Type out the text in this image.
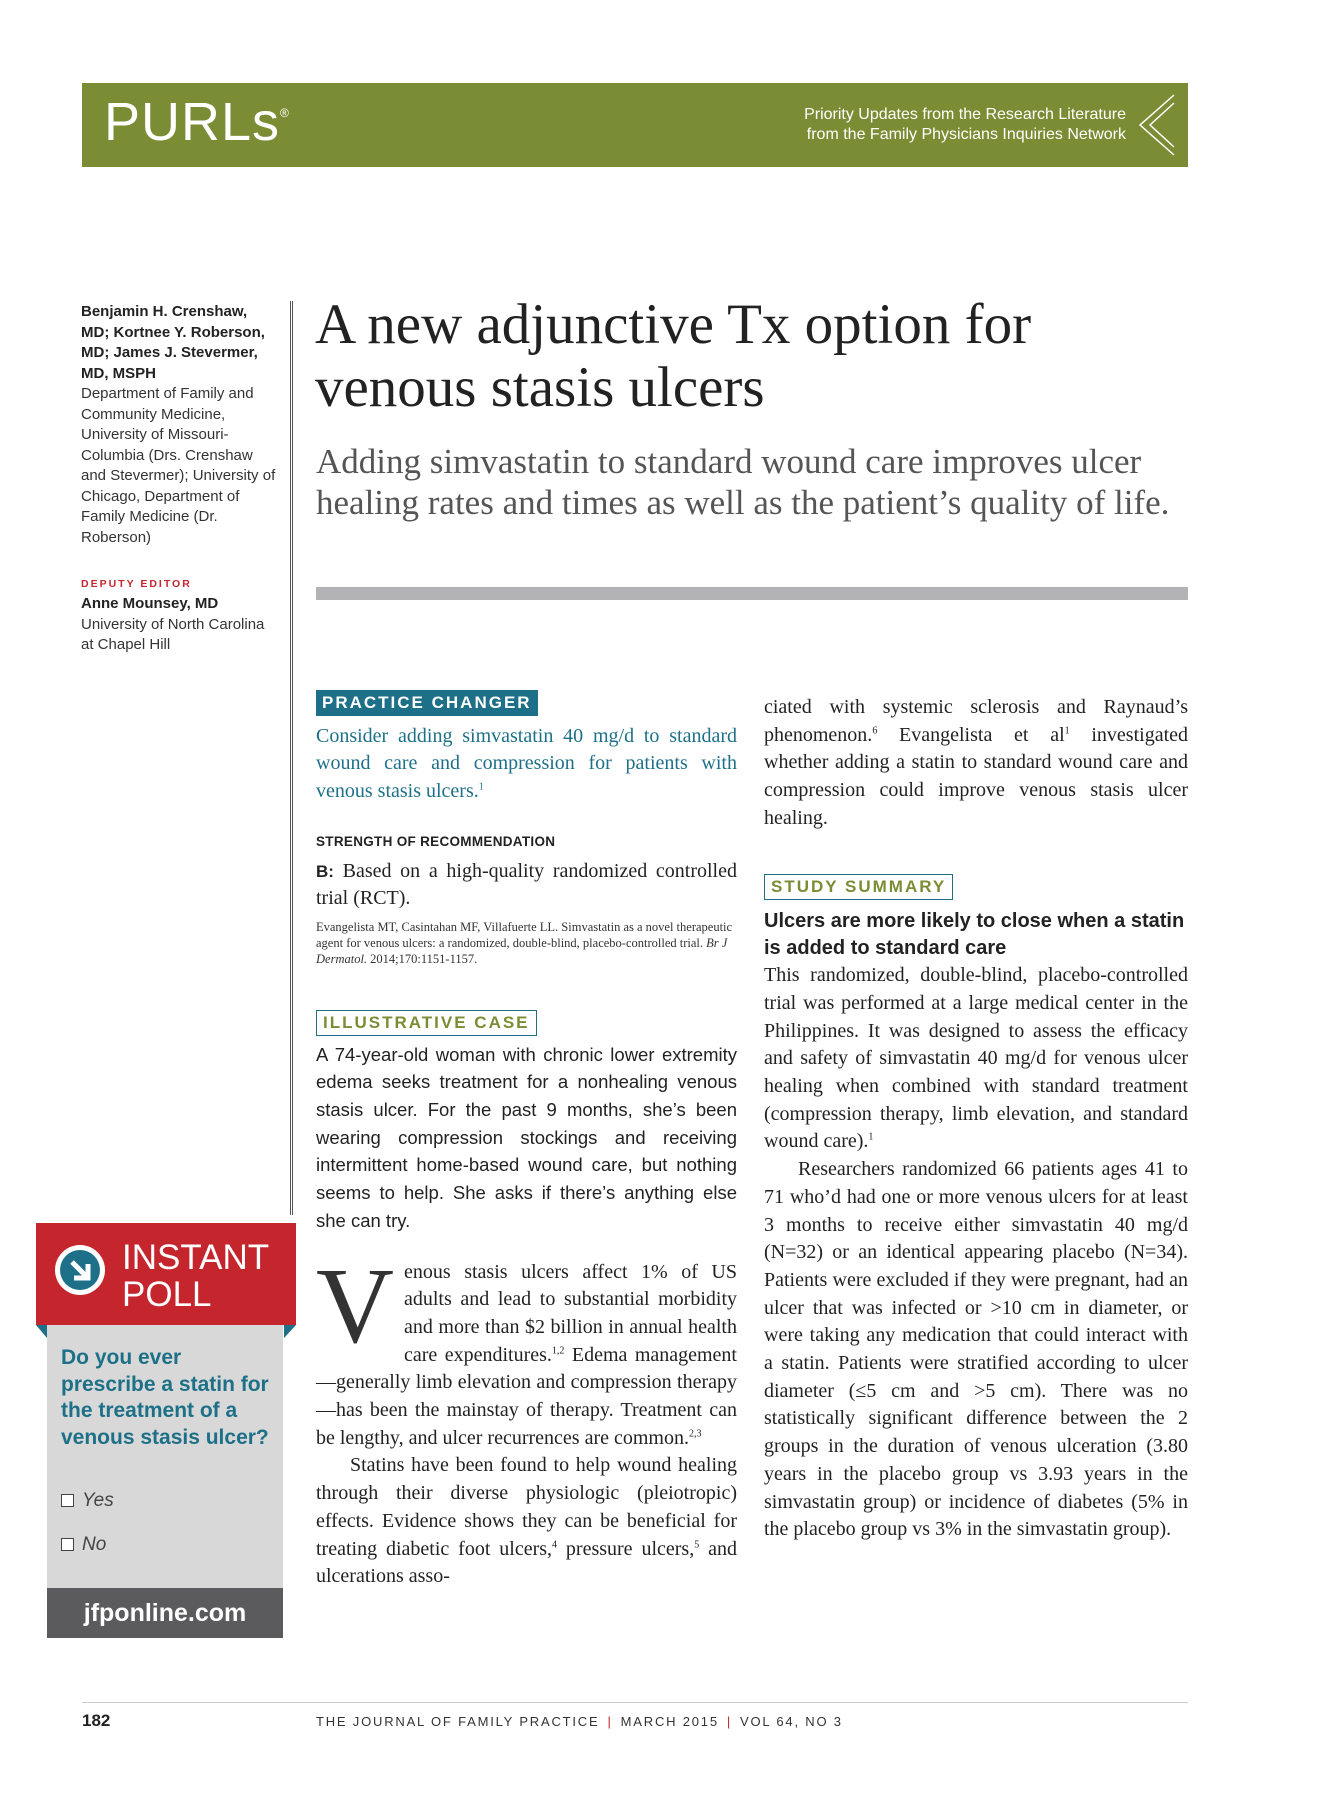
PURLs®	Priority Updates from the Research Literature
from the Family Physicians Inquiries Network
Benjamin H. Crenshaw, MD; Kortnee Y. Roberson, MD; James J. Stevermer, MD, MSPH
Department of Family and Community Medicine, University of Missouri-Columbia (Drs. Crenshaw and Stevermer); University of Chicago, Department of Family Medicine (Dr. Roberson)
DEPUTY EDITOR
Anne Mounsey, MD
University of North Carolina at Chapel Hill
A new adjunctive Tx option for venous stasis ulcers
Adding simvastatin to standard wound care improves ulcer healing rates and times as well as the patient’s quality of life.
PRACTICE CHANGER
Consider adding simvastatin 40 mg/d to standard wound care and compression for patients with venous stasis ulcers.$^1$
STRENGTH OF RECOMMENDATION
B: Based on a high-quality randomized controlled trial (RCT).
Evangelista MT, Casintahan MF, Villafuerte LL. Simvastatin as a novel therapeutic agent for venous ulcers: a randomized, double-blind, placebo-controlled trial. Br J Dermatol. 2014;170:1151-1157.
ILLUSTRATIVE CASE
A 74-year-old woman with chronic lower extremity edema seeks treatment for a nonhealing venous stasis ulcer. For the past 9 months, she’s been wearing compression stockings and receiving intermittent home-based wound care, but nothing seems to help. She asks if there’s anything else she can try.
Venous stasis ulcers affect 1% of US adults and lead to substantial morbidity and more than $2 billion in annual health care expenditures.$^{1,2}$ Edema management—generally limb elevation and compression therapy—has been the mainstay of therapy. Treatment can be lengthy, and ulcer recurrences are common.$^{2,3}$
Statins have been found to help wound healing through their diverse physiologic (pleiotropic) effects. Evidence shows they can be beneficial for treating diabetic foot ulcers,$^4$ pressure ulcers,$^5$ and ulcerations asso-
ciated with systemic sclerosis and Raynaud’s phenomenon.$^6$ Evangelista et $al^1$ investigated whether adding a statin to standard wound care and compression could improve venous stasis ulcer healing.
STUDY SUMMARY
Ulcers are more likely to close when a statin is added to standard care
This randomized, double-blind, placebo-controlled trial was performed at a large medical center in the Philippines. It was designed to assess the efficacy and safety of simvastatin 40 mg/d for venous ulcer healing when combined with standard treatment (compression therapy, limb elevation, and standard wound care).$^1$
Researchers randomized 66 patients ages 41 to 71 who’d had one or more venous ulcers for at least 3 months to receive either simvastatin 40 mg/d (N=32) or an identical appearing placebo (N=34). Patients were excluded if they were pregnant, had an ulcer that was infected or >10 cm in diameter, or were taking any medication that could interact with a statin. Patients were stratified according to ulcer diameter (≤5 cm and >5 cm). There was no statistically significant difference between the 2 groups in the duration of venous ulceration (3.80 years in the placebo group vs 3.93 years in the simvastatin group) or incidence of diabetes (5% in the placebo group vs 3% in the simvastatin group).
INSTANT
POLL
Do you ever prescribe a statin for the treatment of a venous stasis ulcer?
Yes
No
jfponline.com
182	THE JOURNAL OF FAMILY PRACTICE | MARCH 2015 | VOL 64, NO 3
